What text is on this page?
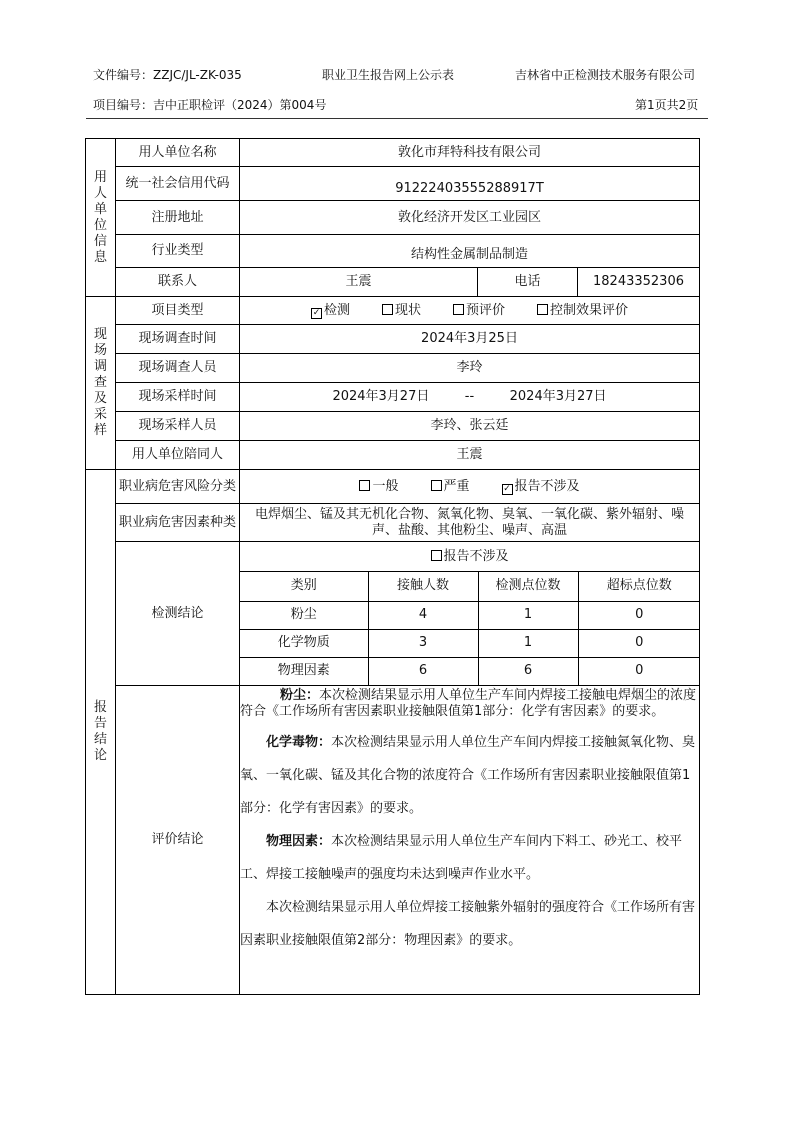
文件编号：ZZJC/JL-ZK-035	职业卫生报告网上公示表	吉林省中正检测技术服务有限公司
项目编号：吉中正职检评（2024）第004号	第1页共2页
用
人
单
位
信
息
	用人单位名称	敦化市拜特科技有限公司
统一社会信用代码	91222403555288917T
注册地址	敦化经济开发区工业园区
行业类型	结构性金属制品制造
联系人	王震	电话	18243352306

现
场
调
查
及
采
样
	项目类型	✓ 检测	现状	预评价	控制效果评价
现场调查时间	2024年3月25日
现场调查人员	李玲
现场采样时间	2024年3月27日	--	2024年3月27日
现场采样人员	李玲、张云廷
用人单位陪同人	王震

报
告
结
论
	职业病危害风险分类	一般	严重	✓ 报告不涉及
职业病危害因素种类	电焊烟尘、锰及其无机化合物、氮氧化物、臭氧、一氧化碳、紫外辐射、噪声、盐酸、其他粉尘、噪声、高温
检测结论	报告不涉及

类别	接触人数	检测点位数	超标点位数
粉尘	4	1	0
化学物质	3	1	0
物理因素	6	6	0

评价结论	

粉尘：本次检测结果显示用人单位生产车间内焊接工接触电焊烟尘的浓度符合《工作场所有害因素职业接触限值第1部分：化学有害因素》的要求。

化学毒物：本次检测结果显示用人单位生产车间内焊接工接触氮氧化物、臭氧、一氧化碳、锰及其化合物的浓度符合《工作场所有害因素职业接触限值第1部分：化学有害因素》的要求。

物理因素：本次检测结果显示用人单位生产车间内下料工、砂光工、校平工、焊接工接触噪声的强度均未达到噪声作业水平。

本次检测结果显示用人单位焊接工接触紫外辐射的强度符合《工作场所有害因素职业接触限值第2部分：物理因素》的要求。
